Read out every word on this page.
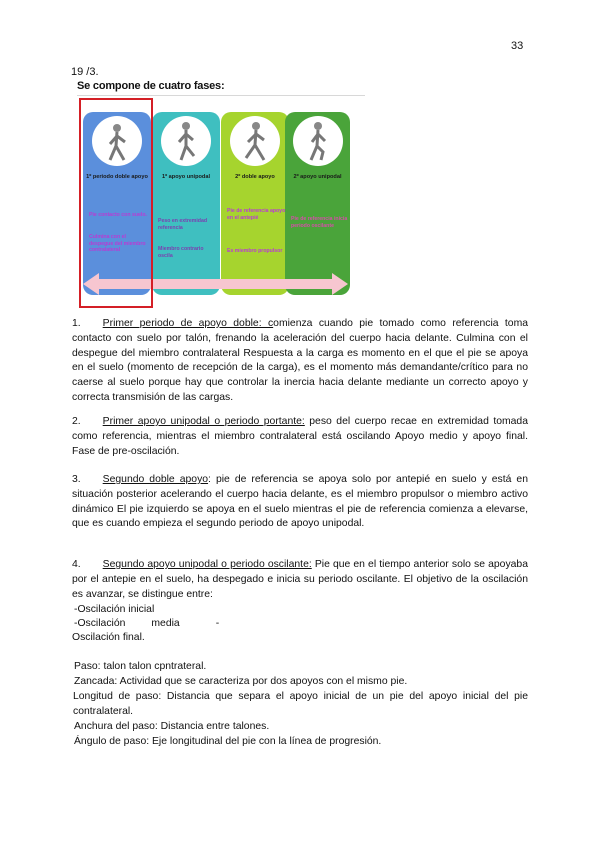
33
19 /3.
Se compone de cuatro fases:
1º periodo doble apoyo
Pie contacto con suelo.
Culmina con el despegue del miembro contralateral
1º apoyo unipodal
Peso en extremidad referencia
Miembro contrario oscila
2º doble apoyo
Pie de referencia apoyo en el antepié
Es miembro propulsor
2º apoyo unipodal
Pie de referencia inicia periodo oscilante
1. Primer periodo de apoyo doble: comienza cuando pie tomado como referencia toma contacto con suelo por talón, frenando la aceleración del cuerpo hacia delante. Culmina con el despegue del miembro contralateral Respuesta a la carga es momento en el que el pie se apoya en el suelo (momento de recepción de la carga), es el momento más demandante/crítico para no caerse al suelo porque hay que controlar la inercia hacia delante mediante un correcto apoyo y correcta transmisión de las cargas.
2. Primer apoyo unipodal o periodo portante: peso del cuerpo recae en extremidad tomada como referencia, mientras el miembro contralateral está oscilando Apoyo medio y apoyo final. Fase de pre-oscilación.
3. Segundo doble apoyo: pie de referencia se apoya solo por antepié en suelo y está en situación posterior acelerando el cuerpo hacia delante, es el miembro propulsor o miembro activo dinámico El pie izquierdo se apoya en el suelo mientras el pie de referencia comienza a elevarse, que es cuando empieza el segundo periodo de apoyo unipodal.
4. Segundo apoyo unipodal o periodo oscilante: Pie que en el tiempo anterior solo se apoyaba por el antepie en el suelo, ha despegado e inicia su periodo oscilante. El objetivo de la oscilación es avanzar, se distingue entre:
-Oscilación inicial
-Oscilación	media	-
Oscilación final.
Paso: talon talon cpntrateral.
Zancada: Actividad que se caracteriza por dos apoyos con el mismo pie.
Longitud de paso: Distancia que separa el apoyo inicial de un pie del apoyo inicial del pie contralateral.
Anchura del paso: Distancia entre talones.
Ángulo de paso: Eje longitudinal del pie con la línea de progresión.
